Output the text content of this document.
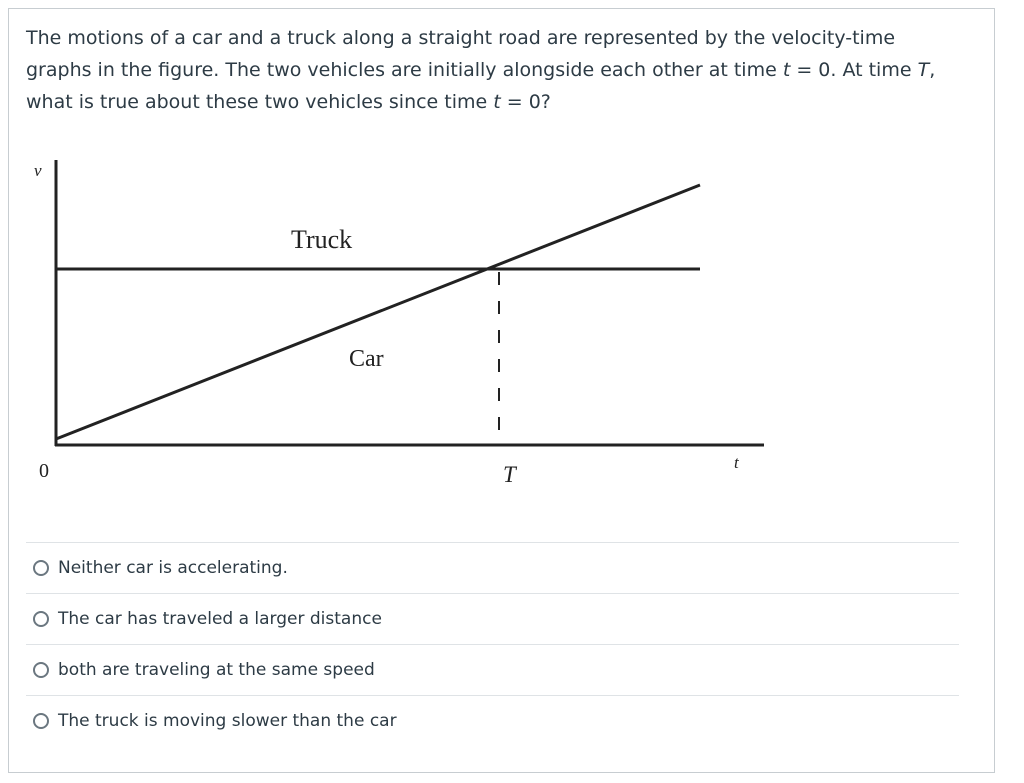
The motions of a car and a truck along a straight road are represented by the velocity-time graphs in the figure. The two vehicles are initially alongside each other at time t = 0. At time T, what is true about these two vehicles since time t = 0?
v
t
0	T
Truck
Car
Neither car is accelerating.
The car has traveled a larger distance
both are traveling at the same speed
The truck is moving slower than the car
